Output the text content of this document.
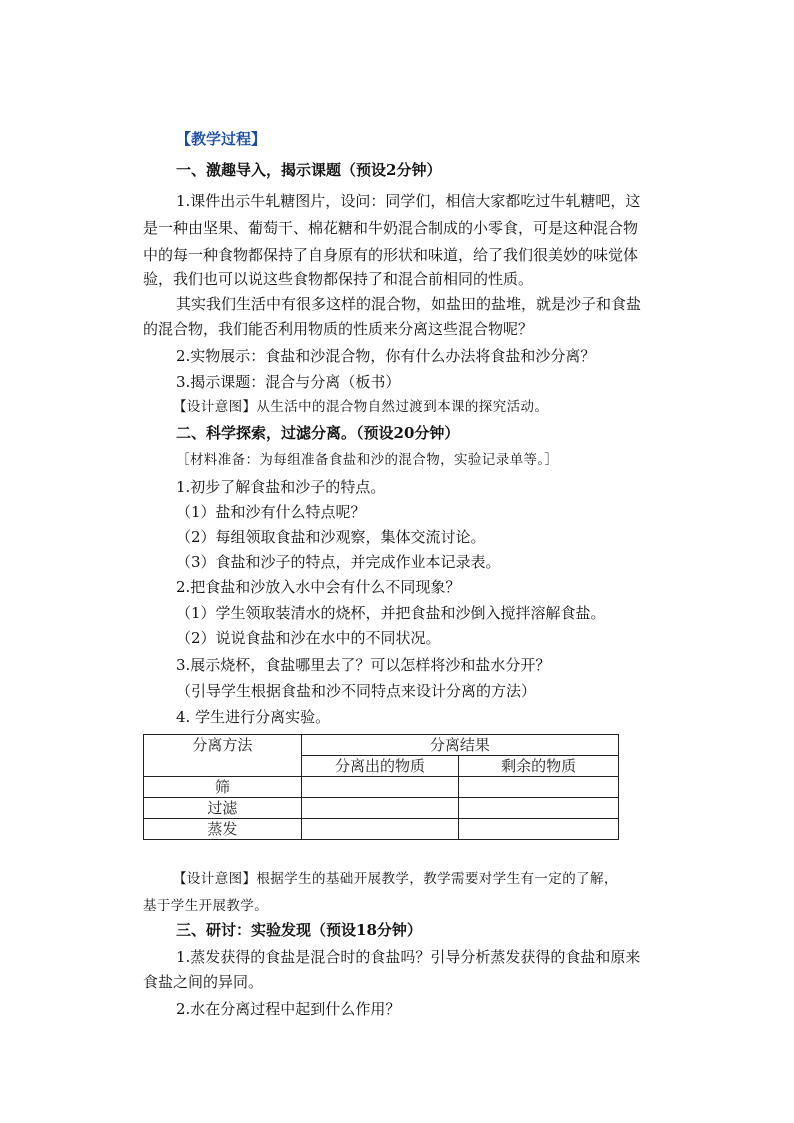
【教学过程】
一、激趣导入，揭示课题（预设2分钟）
1.课件出示牛轧糖图片，设问：同学们，相信大家都吃过牛轧糖吧，这
是一种由坚果、葡萄干、棉花糖和牛奶混合制成的小零食，可是这种混合物
中的每一种食物都保持了自身原有的形状和味道，给了我们很美妙的味觉体
验，我们也可以说这些食物都保持了和混合前相同的性质。
其实我们生活中有很多这样的混合物，如盐田的盐堆，就是沙子和食盐
的混合物，我们能否利用物质的性质来分离这些混合物呢？
2.实物展示：食盐和沙混合物，你有什么办法将食盐和沙分离？
3.揭示课题：混合与分离（板书）
【设计意图】从生活中的混合物自然过渡到本课的探究活动。
二、科学探索，过滤分离。（预设20分钟）
［材料准备：为每组准备食盐和沙的混合物，实验记录单等。］
1.初步了解食盐和沙子的特点。
（1）盐和沙有什么特点呢？
（2）每组领取食盐和沙观察，集体交流讨论。
（3）食盐和沙子的特点，并完成作业本记录表。
2.把食盐和沙放入水中会有什么不同现象？
（1）学生领取装清水的烧杯，并把食盐和沙倒入搅拌溶解食盐。
（2）说说食盐和沙在水中的不同状况。
3.展示烧杯，食盐哪里去了？可以怎样将沙和盐水分开？
（引导学生根据食盐和沙不同特点来设计分离的方法）
4. 学生进行分离实验。
分离方法	分离结果	
	分离出的物质	剩余的物质
筛		
过滤		
蒸发		
【设计意图】根据学生的基础开展教学，教学需要对学生有一定的了解，
基于学生开展教学。
三、研讨：实验发现（预设18分钟）
1.蒸发获得的食盐是混合时的食盐吗？引导分析蒸发获得的食盐和原来
食盐之间的异同。
2.水在分离过程中起到什么作用？
